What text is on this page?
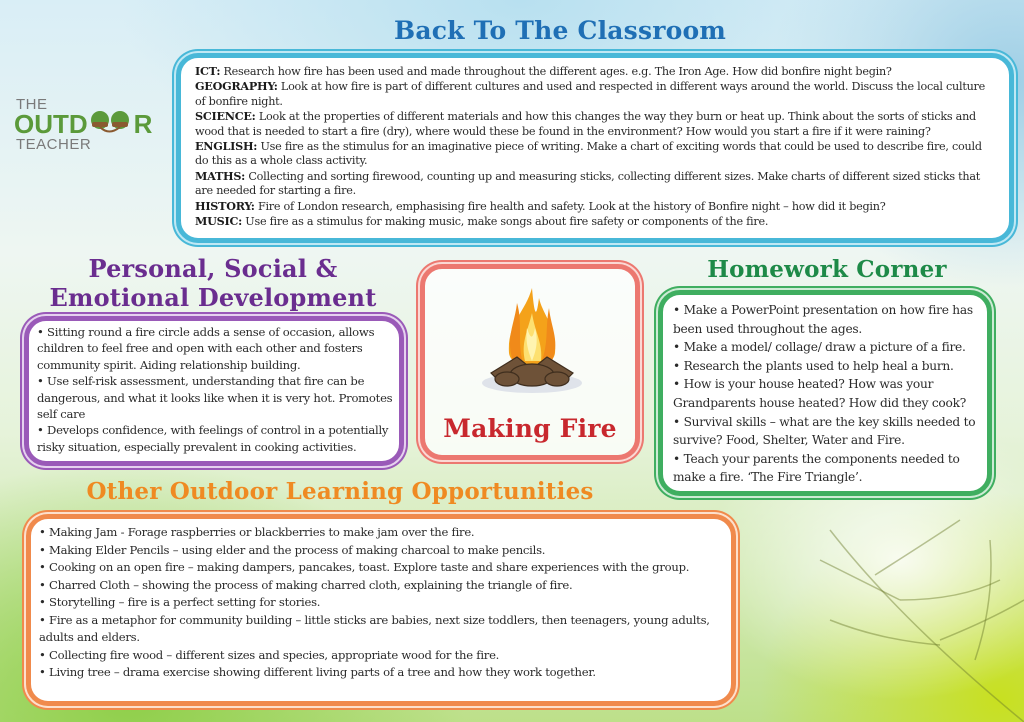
THE
OUTD R
TEACHER
Back To The Classroom

ICT: Research how fire has been used and made throughout the different ages. e.g. The Iron Age. How did bonfire night begin?

GEOGRAPHY: Look at how fire is part of different cultures and used and respected in different ways around the world. Discuss the local culture of bonfire night.

SCIENCE: Look at the properties of different materials and how this changes the way they burn or heat up. Think about the sorts of sticks and wood that is needed to start a fire (dry), where would these be found in the environment? How would you start a fire if it were raining?

ENGLISH: Use fire as the stimulus for an imaginative piece of writing. Make a chart of exciting words that could be used to describe fire, could do this as a whole class activity.

MATHS: Collecting and sorting firewood, counting up and measuring sticks, collecting different sizes. Make charts of different sized sticks that are needed for starting a fire.

HISTORY: Fire of London research, emphasising fire health and safety. Look at the history of Bonfire night – how did it begin?

MUSIC: Use fire as a stimulus for making music, make songs about fire safety or components of the fire.

Personal, Social &
Emotional Development

• Sitting round a fire circle adds a sense of occasion, allows children to feel free and open with each other and fosters community spirit. Aiding relationship building.

• Use self-risk assessment, understanding that fire can be dangerous, and what it looks like when it is very hot. Promotes self care

• Develops confidence, with feelings of control in a potentially risky situation, especially prevalent in cooking activities.

Making Fire
Homework Corner

• Make a PowerPoint presentation on how fire has been used throughout the ages.

• Make a model/ collage/ draw a picture of a fire.

• Research the plants used to help heal a burn.

• How is your house heated? How was your Grandparents house heated? How did they cook?

• Survival skills – what are the key skills needed to survive? Food, Shelter, Water and Fire.

• Teach your parents the components needed to make a fire. ‘The Fire Triangle’.

Other Outdoor Learning Opportunities

• Making Jam - Forage raspberries or blackberries to make jam over the fire.

• Making Elder Pencils – using elder and the process of making charcoal to make pencils.

• Cooking on an open fire – making dampers, pancakes, toast. Explore taste and share experiences with the group.

• Charred Cloth – showing the process of making charred cloth, explaining the triangle of fire.

• Storytelling – fire is a perfect setting for stories.

• Fire as a metaphor for community building – little sticks are babies, next size toddlers, then teenagers, young adults, adults and elders.

• Collecting fire wood – different sizes and species, appropriate wood for the fire.

• Living tree – drama exercise showing different living parts of a tree and how they work together.
